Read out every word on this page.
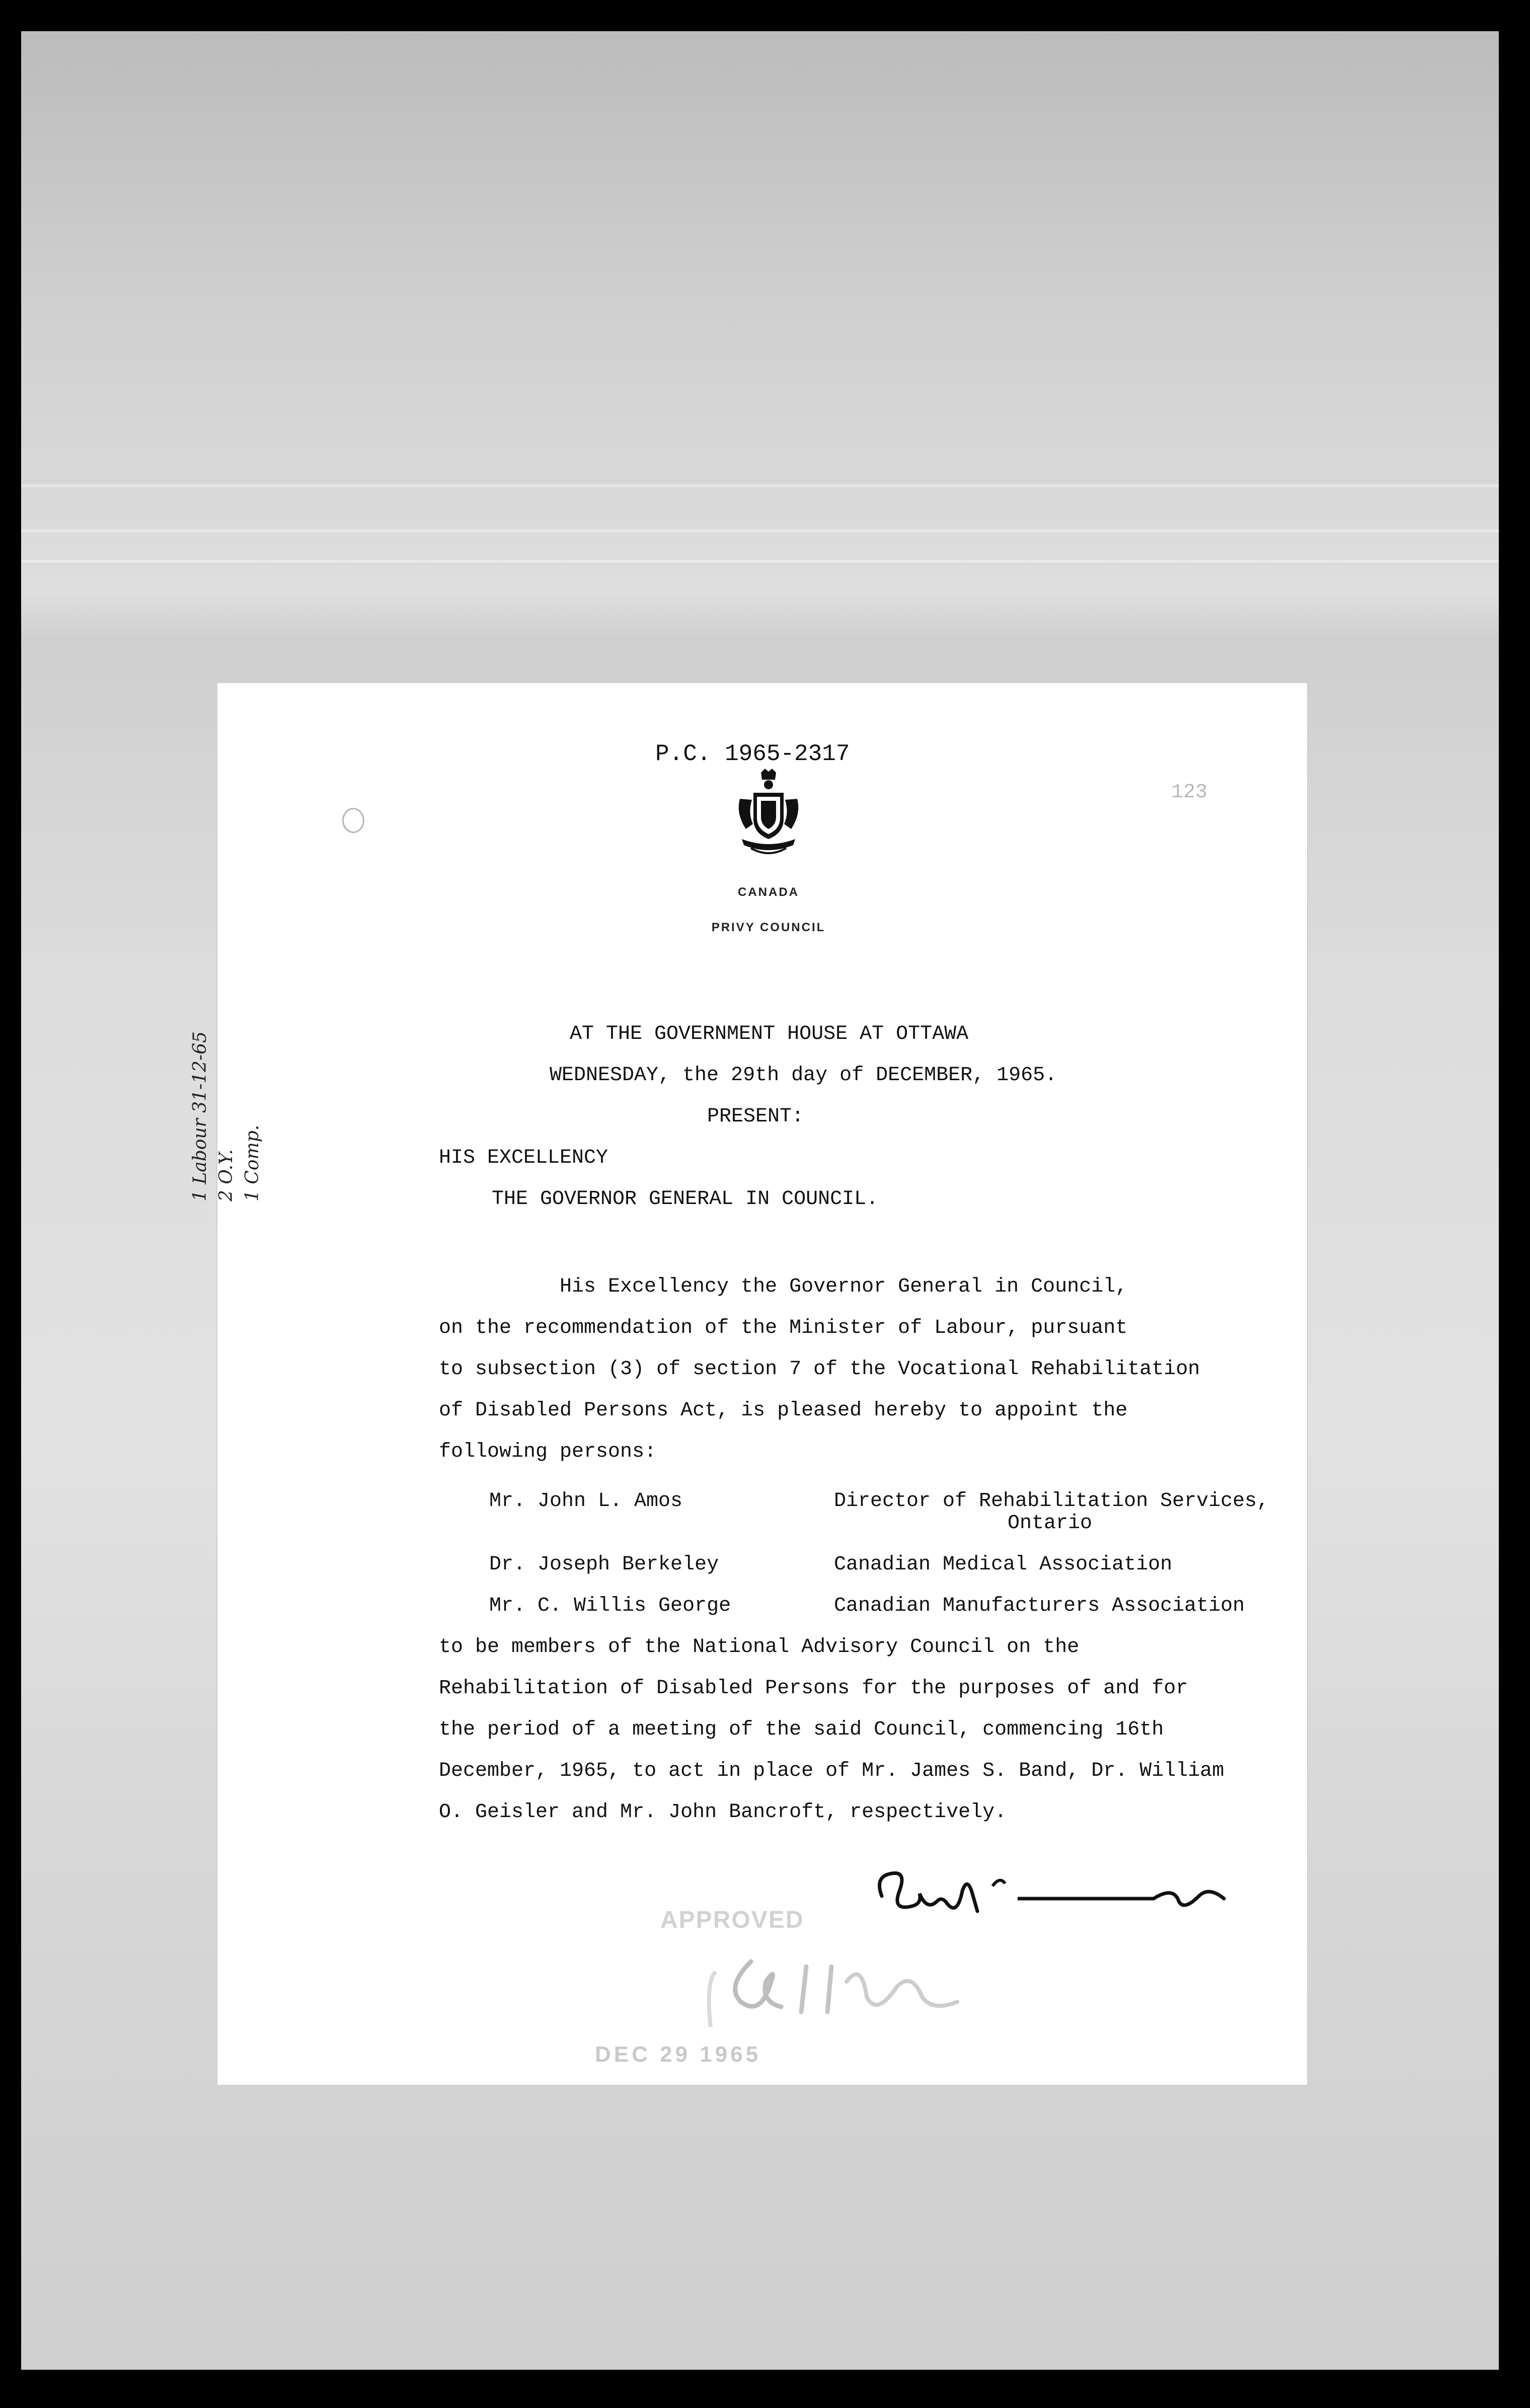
P.C. 1965-2317
123
CANADA
PRIVY COUNCIL
AT THE GOVERNMENT HOUSE AT OTTAWA
WEDNESDAY, the 29th day of DECEMBER, 1965.
PRESENT:
HIS EXCELLENCY
THE GOVERNOR GENERAL IN COUNCIL.
His Excellency the Governor General in Council,
on the recommendation of the Minister of Labour, pursuant
to subsection (3) of section 7 of the Vocational Rehabilitation
of Disabled Persons Act, is pleased hereby to appoint the
following persons:
Mr. John L. Amos	Director of Rehabilitation Services,
Ontario
Dr. Joseph Berkeley	Canadian Medical Association
Mr. C. Willis George	Canadian Manufacturers Association
to be members of the National Advisory Council on the
Rehabilitation of Disabled Persons for the purposes of and for
the period of a meeting of the said Council, commencing 16th
December, 1965, to act in place of Mr. James S. Band, Dr. William
O. Geisler and Mr. John Bancroft, respectively.
1 Labour 31-12-65 2 O.Y. 1 Comp.
APPROVED
DEC 29 1965
